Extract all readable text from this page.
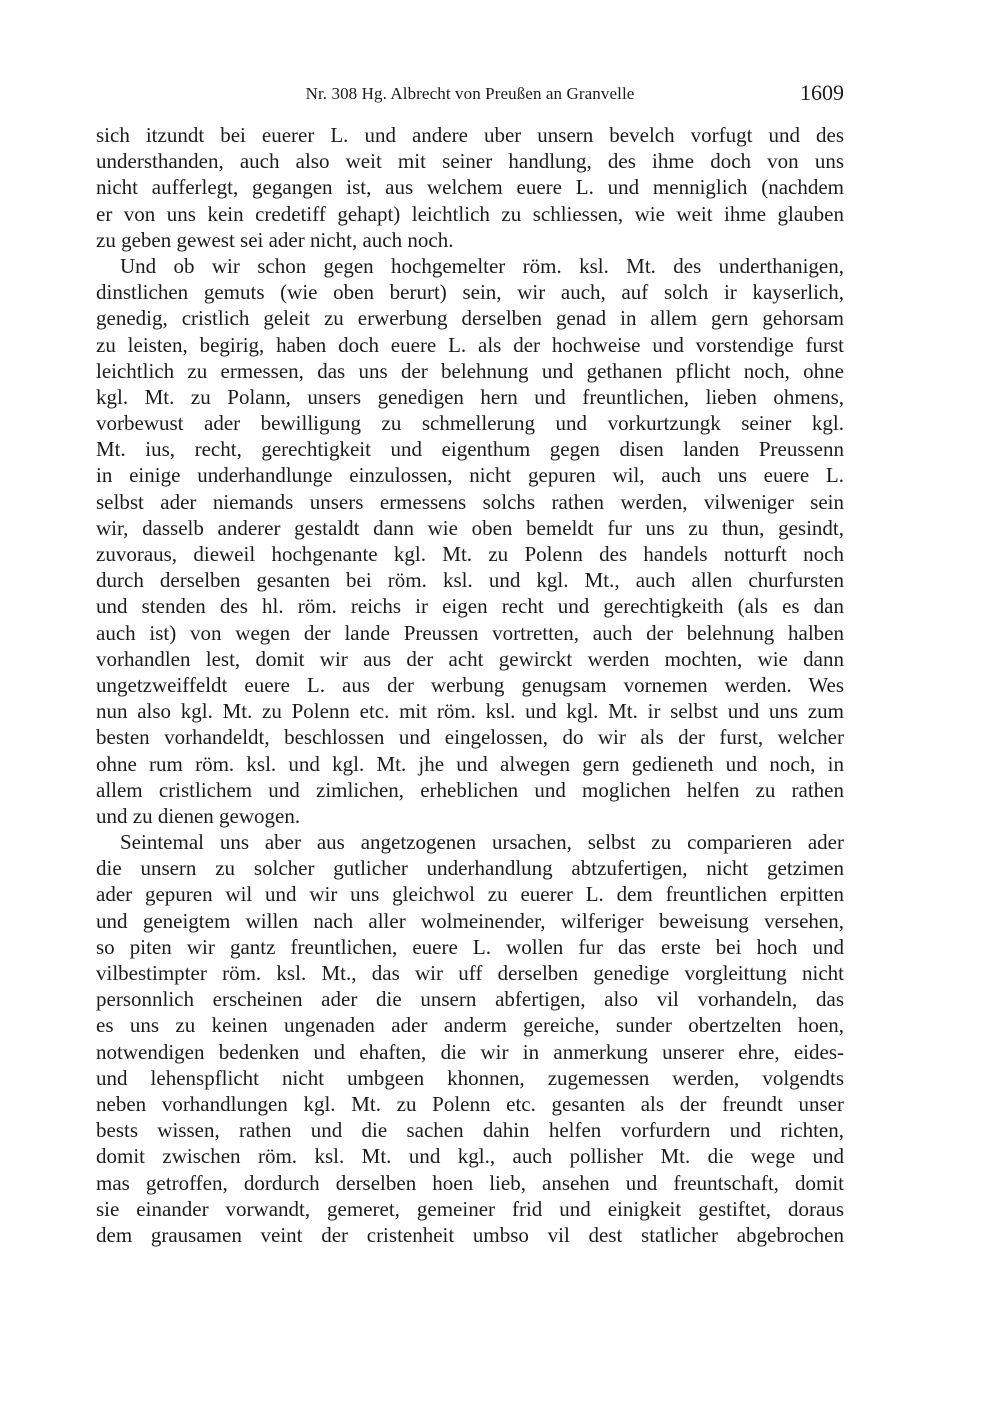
Nr. 308 Hg. Albrecht von Preußen an Granvelle	1609
sich itzundt bei euerer L. und andere uber unsern bevelch vorfugt und des
understhanden, auch also weit mit seiner handlung, des ihme doch von uns
nicht aufferlegt, gegangen ist, aus welchem euere L. und menniglich (nachdem
er von uns kein credetiff gehapt) leichtlich zu schliessen, wie weit ihme glauben
zu geben gewest sei ader nicht, auch noch.
Und ob wir schon gegen hochgemelter röm. ksl. Mt. des underthanigen,
dinstlichen gemuts (wie oben berurt) sein, wir auch, auf solch ir kayserlich,
genedig, cristlich geleit zu erwerbung derselben genad in allem gern gehorsam
zu leisten, begirig, haben doch euere L. als der hochweise und vorstendige furst
leichtlich zu ermessen, das uns der belehnung und gethanen pflicht noch, ohne
kgl. Mt. zu Polann, unsers genedigen hern und freuntlichen, lieben ohmens,
vorbewust ader bewilligung zu schmellerung und vorkurtzungk seiner kgl.
Mt. ius, recht, gerechtigkeit und eigenthum gegen disen landen Preussenn
in einige underhandlunge einzulossen, nicht gepuren wil, auch uns euere L.
selbst ader niemands unsers ermessens solchs rathen werden, vilweniger sein
wir, dasselb anderer gestaldt dann wie oben bemeldt fur uns zu thun, gesindt,
zuvoraus, dieweil hochgenante kgl. Mt. zu Polenn des handels notturft noch
durch derselben gesanten bei röm. ksl. und kgl. Mt., auch allen churfursten
und stenden des hl. röm. reichs ir eigen recht und gerechtigkeith (als es dan
auch ist) von wegen der lande Preussen vortretten, auch der belehnung halben
vorhandlen lest, domit wir aus der acht gewirckt werden mochten, wie dann
ungetzweiffeldt euere L. aus der werbung genugsam vornemen werden. Wes
nun also kgl. Mt. zu Polenn etc. mit röm. ksl. und kgl. Mt. ir selbst und uns zum
besten vorhandeldt, beschlossen und eingelossen, do wir als der furst, welcher
ohne rum röm. ksl. und kgl. Mt. jhe und alwegen gern gedieneth und noch, in
allem cristlichem und zimlichen, erheblichen und moglichen helfen zu rathen
und zu dienen gewogen.
Seintemal uns aber aus angetzogenen ursachen, selbst zu comparieren ader
die unsern zu solcher gutlicher underhandlung abtzufertigen, nicht getzimen
ader gepuren wil und wir uns gleichwol zu euerer L. dem freuntlichen erpitten
und geneigtem willen nach aller wolmeinender, wilferiger beweisung versehen,
so piten wir gantz freuntlichen, euere L. wollen fur das erste bei hoch und
vilbestimpter röm. ksl. Mt., das wir uff derselben genedige vorgleittung nicht
personnlich erscheinen ader die unsern abfertigen, also vil vorhandeln, das
es uns zu keinen ungenaden ader anderm gereiche, sunder obertzelten hoen,
notwendigen bedenken und ehaften, die wir in anmerkung unserer ehre, eides-
und lehenspflicht nicht umbgeen khonnen, zugemessen werden, volgendts
neben vorhandlungen kgl. Mt. zu Polenn etc. gesanten als der freundt unser
bests wissen, rathen und die sachen dahin helfen vorfurdern und richten,
domit zwischen röm. ksl. Mt. und kgl., auch pollisher Mt. die wege und
mas getroffen, dordurch derselben hoen lieb, ansehen und freuntschaft, domit
sie einander vorwandt, gemeret, gemeiner frid und einigkeit gestiftet, doraus
dem grausamen veint der cristenheit umbso vil dest statlicher abgebrochen
